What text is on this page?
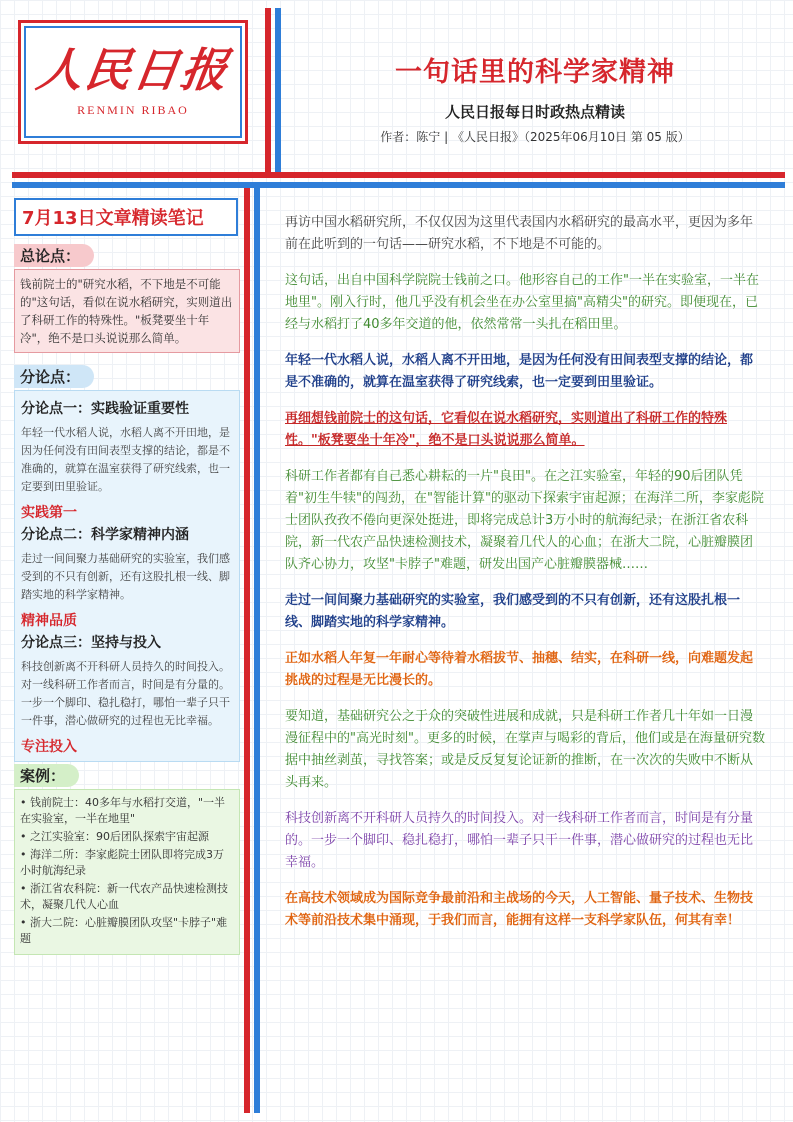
人民日报
RENMIN RIBAO
一句话里的科学家精神
人民日报每日时政热点精读
作者：陈宁 | 《人民日报》（2025年06月10日 第 05 版）
7月13日文章精读笔记
总论点：
钱前院士的"研究水稻，不下地是不可能的"这句话，看似在说水稻研究，实则道出了科研工作的特殊性。"板凳要坐十年冷"，绝不是口头说说那么简单。
分论点：
分论点一：实践验证重要性
年轻一代水稻人说，水稻人离不开田地，是因为任何没有田间表型支撑的结论，都是不准确的，就算在温室获得了研究线索，也一定要到田里验证。
实践第一
分论点二：科学家精神内涵
走过一间间聚力基础研究的实验室，我们感受到的不只有创新，还有这股扎根一线、脚踏实地的科学家精神。
精神品质
分论点三：坚持与投入
科技创新离不开科研人员持久的时间投入。对一线科研工作者而言，时间是有分量的。一步一个脚印、稳扎稳打，哪怕一辈子只干一件事，潜心做研究的过程也无比幸福。
专注投入
案例：
• 钱前院士：40多年与水稻打交道，"一半在实验室，一半在地里"
• 之江实验室：90后团队探索宇宙起源
• 海洋二所：李家彪院士团队即将完成3万小时航海纪录
• 浙江省农科院：新一代农产品快速检测技术，凝聚几代人心血
• 浙大二院：心脏瓣膜团队攻坚"卡脖子"难题

再访中国水稻研究所，不仅仅因为这里代表国内水稻研究的最高水平，更因为多年前在此听到的一句话——研究水稻，不下地是不可能的。

这句话，出自中国科学院院士钱前之口。他形容自己的工作"一半在实验室，一半在地里"。刚入行时，他几乎没有机会坐在办公室里搞"高精尖"的研究。即便现在，已经与水稻打了40多年交道的他，依然常常一头扎在稻田里。

年轻一代水稻人说，水稻人离不开田地，是因为任何没有田间表型支撑的结论，都是不准确的，就算在温室获得了研究线索，也一定要到田里验证。

再细想钱前院士的这句话，它看似在说水稻研究，实则道出了科研工作的特殊性。"板凳要坐十年冷"，绝不是口头说说那么简单。

科研工作者都有自己悉心耕耘的一片"良田"。在之江实验室，年轻的90后团队凭着"初生牛犊"的闯劲，在"智能计算"的驱动下探索宇宙起源；在海洋二所，李家彪院士团队孜孜不倦向更深处挺进，即将完成总计3万小时的航海纪录；在浙江省农科院，新一代农产品快速检测技术，凝聚着几代人的心血；在浙大二院，心脏瓣膜团队齐心协力，攻坚"卡脖子"难题，研发出国产心脏瓣膜器械……

走过一间间聚力基础研究的实验室，我们感受到的不只有创新，还有这股扎根一线、脚踏实地的科学家精神。

正如水稻人年复一年耐心等待着水稻拔节、抽穗、结实，在科研一线，向难题发起挑战的过程是无比漫长的。

要知道，基础研究公之于众的突破性进展和成就，只是科研工作者几十年如一日漫漫征程中的"高光时刻"。更多的时候，在掌声与喝彩的背后，他们或是在海量研究数据中抽丝剥茧，寻找答案；或是反反复复论证新的推断，在一次次的失败中不断从头再来。

科技创新离不开科研人员持久的时间投入。对一线科研工作者而言，时间是有分量的。一步一个脚印、稳扎稳打，哪怕一辈子只干一件事，潜心做研究的过程也无比幸福。

在高技术领域成为国际竞争最前沿和主战场的今天，人工智能、量子技术、生物技术等前沿技术集中涌现，于我们而言，能拥有这样一支科学家队伍，何其有幸！
